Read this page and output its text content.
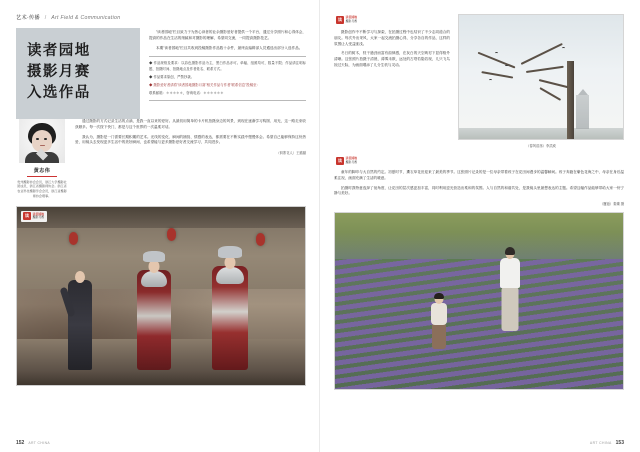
艺术·传播 / Art Field & Communication
读者园地
摄影月赛
入选作品

"读者园地"栏目致力于为热心读者的业余摄影爱好者提供一个平台，通过分享照片和心得体会，提高的作品在生活的细腻和对摄影的理解，希望同交流，一同提高摄影技艺。

本期"读者园地"栏目共收到投稿摄影作品数十余件，最终由编辑部人员遴选出部分入选作品。

◆ 作品规格及要求：以彩色摄影作品为主，黑白作品亦可。单幅、组照均可，数量不限；作品请注明标题、拍摄时间、拍摄地点及作者姓名、联系方式。

◆ 作品要求原创，严禁抄袭。

◆ 摄影爱好者请将"读者园地摄影月赛"相关作品与作者"联系信息"投稿至：

联系邮箱：＊＊＊＊＊，咨询电话：＊＊＊＊＊＊

黄志伟
贵州摄影协会会员，浙江大学摄影社团成员，浙江省摄影师协会。浙江省农业科技摄影学会会员，浙江省摄影师协会理事。

通过摄影的方式记录生活的点滴，是我一直以来的爱好。从最初用简单的卡片机拍摄身边的风景，到现在逐渐学习构图、用光，这一路走来收获颇多。每一次按下快门，都是与这个世界的一次温柔对话。

我认为，摄影是一门需要长期积累的艺术。光线的变化、瞬间的捕捉、情感的表达，都需要在不断实践中慢慢体会。希望自己能够保持这份热爱，用镜头去发现更多生活中的美好瞬间，也希望能与更多摄影爱好者交流学习，共同进步。

（侗寨花人）王璐璐
读	读者园地
摄影月赛
152 ART CHINA
读	读者园地
摄影月赛

摄影创作中不断学习与探索，在拍摄过程中也结识了不少志同道合的朋友。每次外出采风，大家一起交流拍摄心得，分享各自的作品，这样的氛围让人受益匪浅。

冬日的树木，枝干遒劲而富有韵律感，在灰白的天空映衬下显得格外清晰。这张照片拍摄于清晨，薄雾未散，远处的古塔若隐若现，几只飞鸟掠过天际，为画面增添了几分生机与灵动。

（春风浩荡）李武威
读	读者园地
摄影月赛

童年的脚印与大自然的约定。初夏时节，薰衣草花田迎来了最美的季节。这张照片记录的是一位母亲带着孩子在花田间漫步的温馨瞬间。孩子奔跑在紫色花海之中，母亲在身后温柔注视，画面充满了生活的暖意。

拍摄时我特意选择了低角度，让花田的层次感更加丰富，同时利用逆光营造出柔和的氛围。人与自然的和谐共处，是我镜头里最想表达的主题。希望这幅作品能够带给大家一份宁静与美好。

（邂逅）秦臻 摄
153
ART CHINA
